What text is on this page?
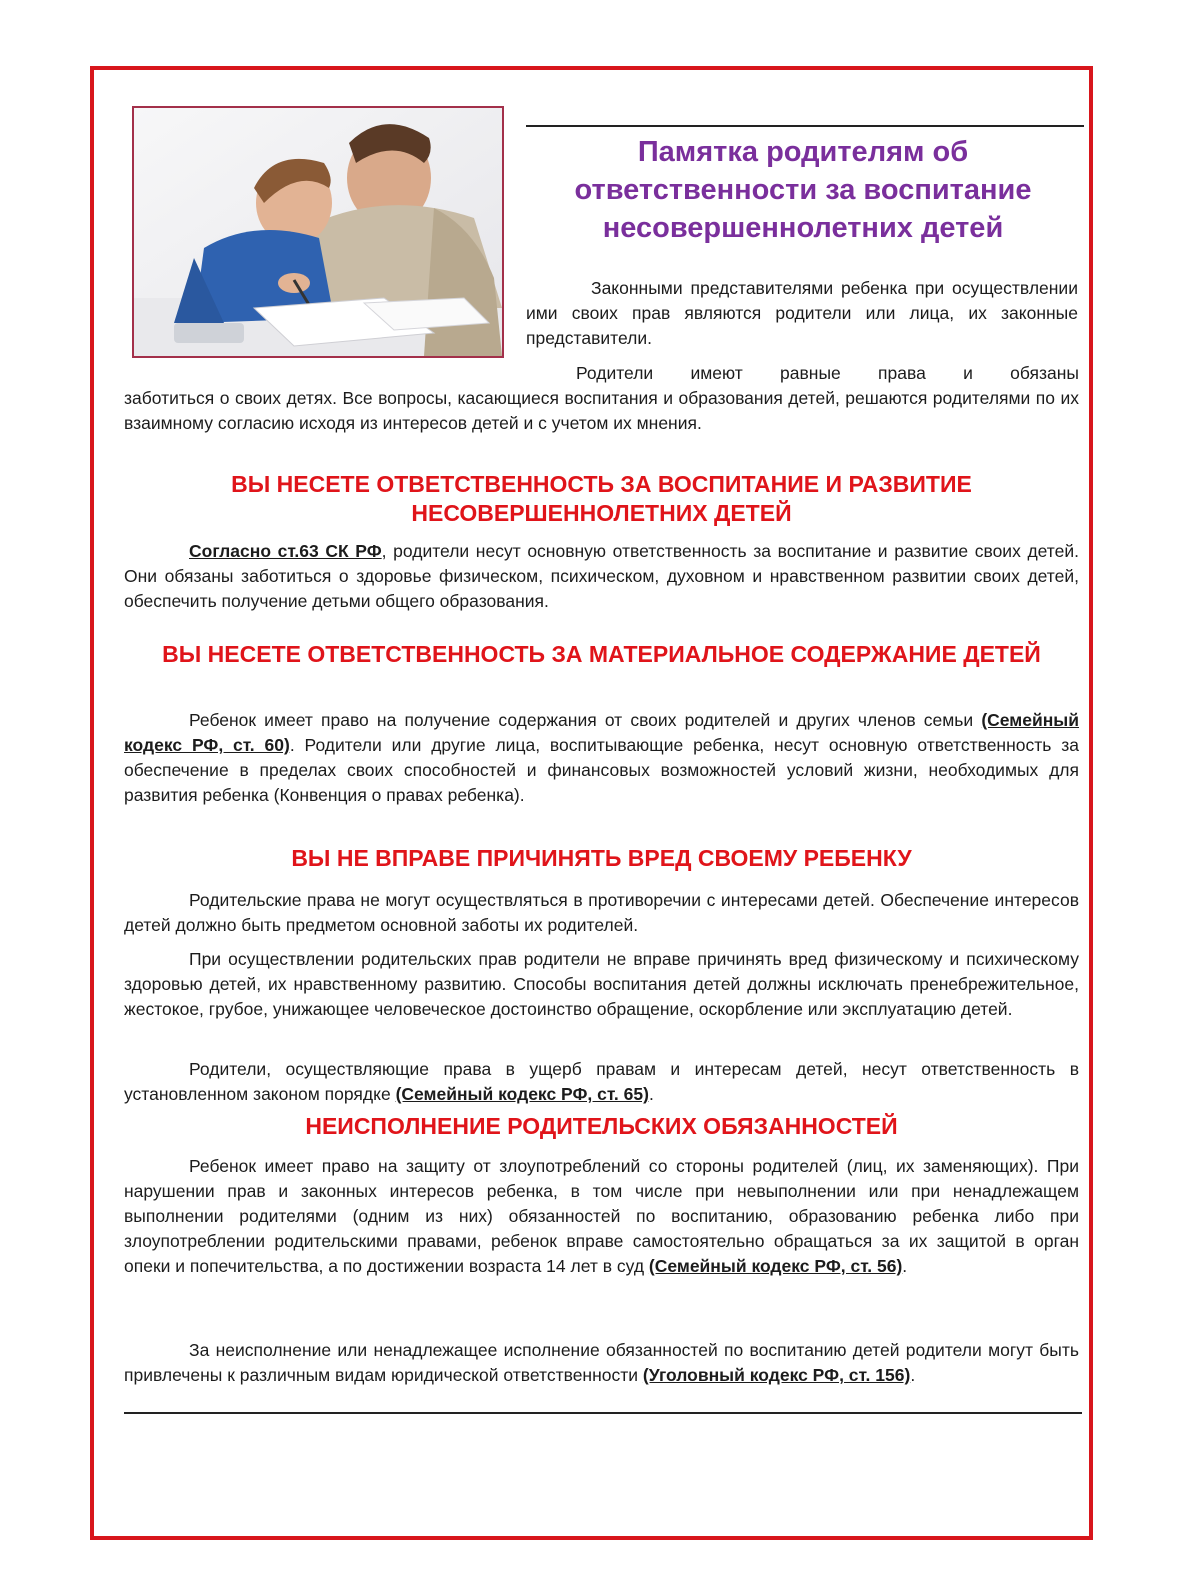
Памятка родителям об ответственности за воспитание несовершеннолетних детей

Законными представителями ребенка при осуществлении ими своих прав являются родители или лица, их законные представители.

Родители имеют равные права и обязаны
заботиться о своих детях. Все вопросы, касающиеся воспитания и образования детей, решаются родителями по их взаимному согласию исходя из интересов детей и с учетом их мнения.
ВЫ НЕСЕТЕ ОТВЕТСТВЕННОСТЬ ЗА ВОСПИТАНИЕ И РАЗВИТИЕ НЕСОВЕРШЕННОЛЕТНИХ ДЕТЕЙ

Согласно ст.63 СК РФ, родители несут основную ответственность за воспитание и развитие своих детей. Они обязаны заботиться о здоровье физическом, психическом, духовном и нравственном развитии своих детей, обеспечить получение детьми общего образования.

ВЫ НЕСЕТЕ ОТВЕТСТВЕННОСТЬ ЗА МАТЕРИАЛЬНОЕ СОДЕРЖАНИЕ ДЕТЕЙ

Ребенок имеет право на получение содержания от своих родителей и других членов семьи (Семейный кодекс РФ, ст. 60). Родители или другие лица, воспитывающие ребенка, несут основную ответственность за обеспечение в пределах своих способностей и финансовых возможностей условий жизни, необходимых для развития ребенка (Конвенция о правах ребенка).

ВЫ НЕ ВПРАВЕ ПРИЧИНЯТЬ ВРЕД СВОЕМУ РЕБЕНКУ

Родительские права не могут осуществляться в противоречии с интересами детей. Обеспечение интересов детей должно быть предметом основной заботы их родителей.

При осуществлении родительских прав родители не вправе причинять вред физическому и психическому здоровью детей, их нравственному развитию. Способы воспитания детей должны исключать пренебрежительное, жестокое, грубое, унижающее человеческое достоинство обращение, оскорбление или эксплуатацию детей.

Родители, осуществляющие права в ущерб правам и интересам детей, несут ответственность в установленном законом порядке (Семейный кодекс РФ, ст. 65).

НЕИСПОЛНЕНИЕ РОДИТЕЛЬСКИХ ОБЯЗАННОСТЕЙ

Ребенок имеет право на защиту от злоупотреблений со стороны родителей (лиц, их заменяющих). При нарушении прав и законных интересов ребенка, в том числе при невыполнении или при ненадлежащем выполнении родителями (одним из них) обязанностей по воспитанию, образованию ребенка либо при злоупотреблении родительскими правами, ребенок вправе самостоятельно обращаться за их защитой в орган опеки и попечительства, а по достижении возраста 14 лет в суд (Семейный кодекс РФ, ст. 56).

За неисполнение или ненадлежащее исполнение обязанностей по воспитанию детей родители могут быть привлечены к различным видам юридической ответственности (Уголовный кодекс РФ, ст. 156).
